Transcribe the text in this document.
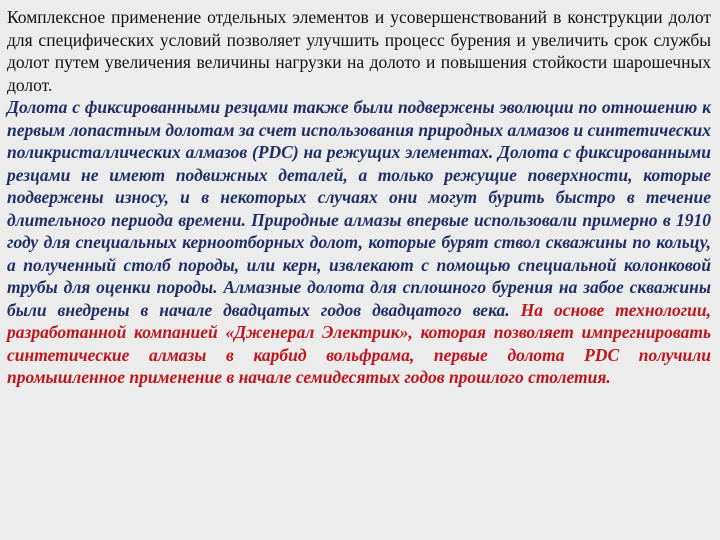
Комплексное применение отдельных элементов и усовершенствований в конструкции долот для специфических условий позволяет улучшить процесс бурения и увеличить срок службы долот путем увеличения величины нагрузки на долото и повышения стойкости шарошечных долот.

Долота с фиксированными резцами также были подвержены эволюции по отношению к первым лопастным долотам за счет использования природных алмазов и синтетических поликристаллических алмазов (PDC) на режущих элементах. Долота с фиксированными резцами не имеют подвижных деталей, а только режущие поверхности, которые подвержены износу, и в некоторых случаях они могут бурить быстро в течение длительного периода времени. Природные алмазы впервые использовали примерно в 1910 году для специальных керноотборных долот, которые бурят ствол скважины по кольцу, а полученный столб породы, или керн, извлекают с помощью специальной колонковой трубы для оценки породы. Алмазные долота для сплошного бурения на забое скважины были внедрены в начале двадцатых годов двадцатого века. На основе технологии, разработанной компанией «Дженерал Электрик», которая позволяет импрегнировать синтетические алмазы в карбид вольфрама, первые долота PDC получили промышленное применение в начале семидесятых годов прошлого столетия.
